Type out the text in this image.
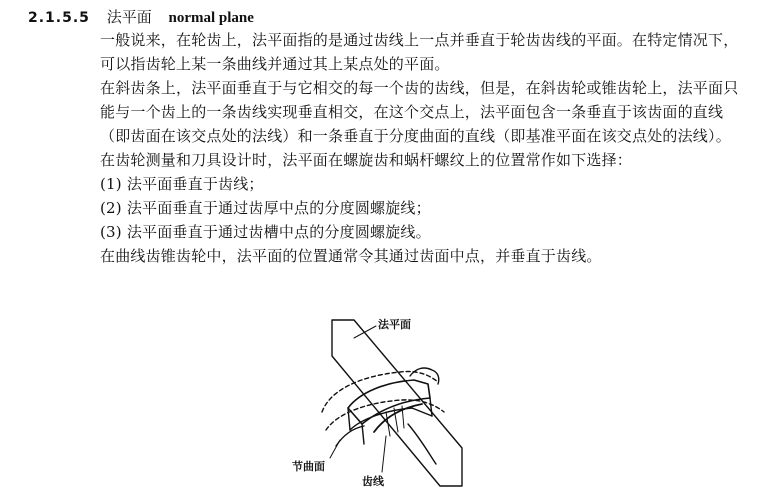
2.1.5.5 法平面 normal plane

一般说来，在轮齿上，法平面指的是通过齿线上一点并垂直于轮齿齿线的平面。在特定情况下，可以指齿轮上某一条曲线并通过其上某点处的平面。

在斜齿条上，法平面垂直于与它相交的每一个齿的齿线，但是，在斜齿轮或锥齿轮上，法平面只能与一个齿上的一条齿线实现垂直相交，在这个交点上，法平面包含一条垂直于该齿面的直线（即齿面在该交点处的法线）和一条垂直于分度曲面的直线（即基准平面在该交点处的法线）。

在齿轮测量和刀具设计时，法平面在螺旋齿和蜗杆螺纹上的位置常作如下选择：

(1) 法平面垂直于齿线；

(2) 法平面垂直于通过齿厚中点的分度圆螺旋线；

(3) 法平面垂直于通过齿槽中点的分度圆螺旋线。

在曲线齿锥齿轮中，法平面的位置通常令其通过齿面中点，并垂直于齿线。

法平面
节曲面
齿线
